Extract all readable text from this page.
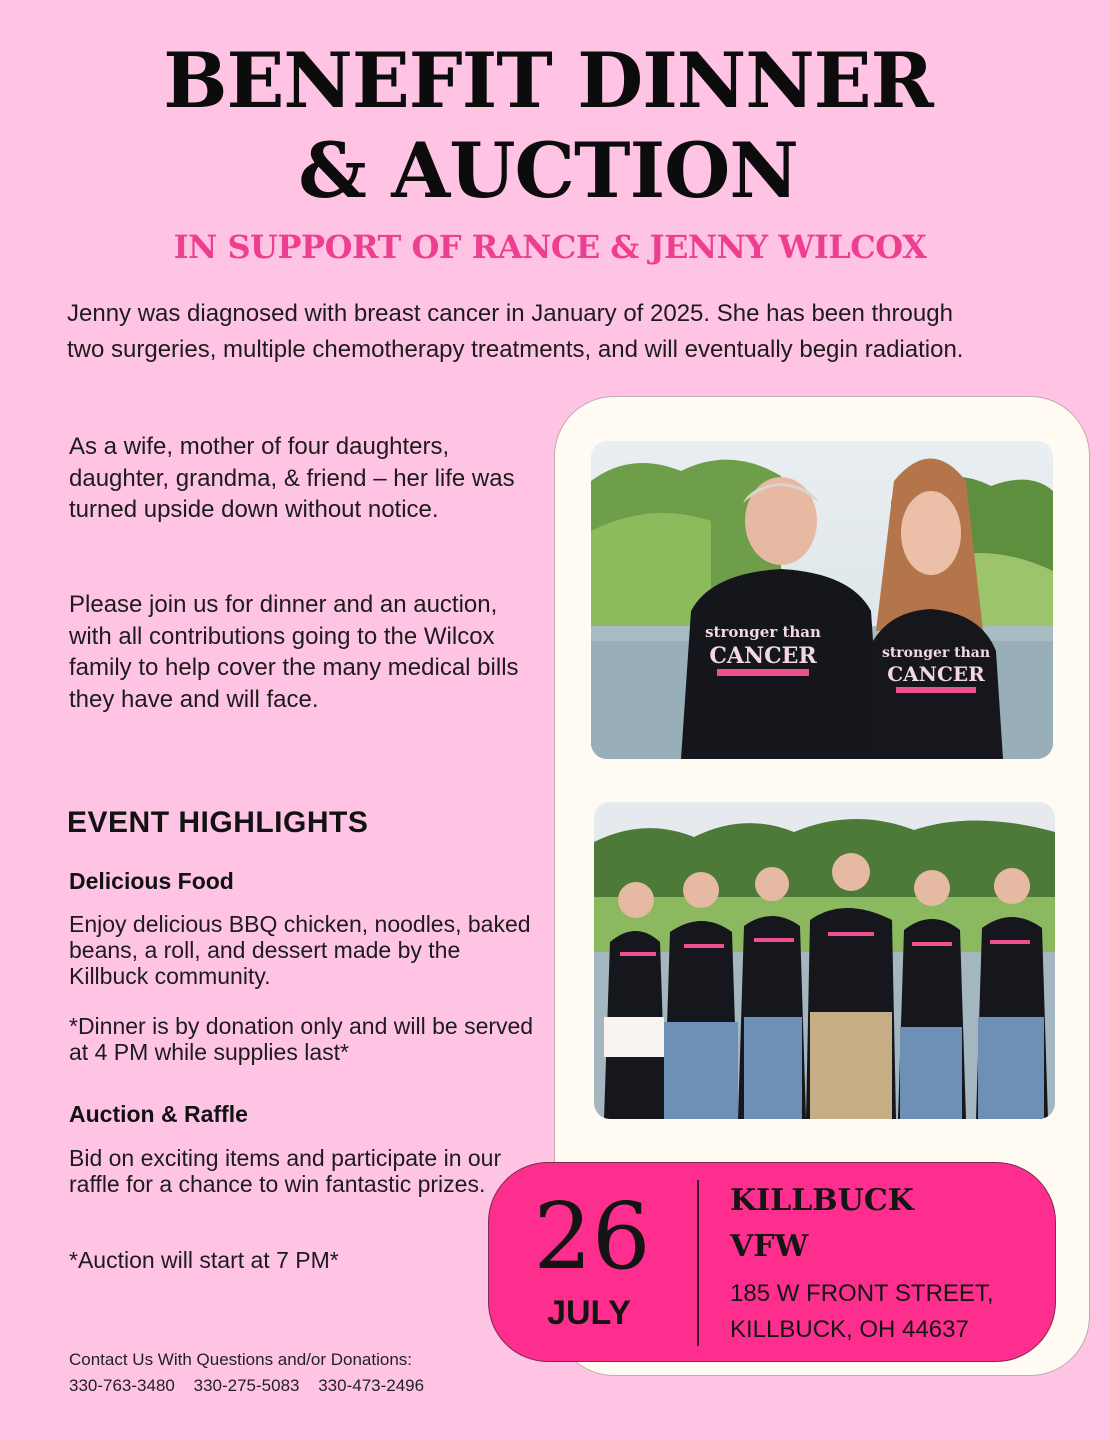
BENEFIT DINNER
& AUCTION
IN SUPPORT OF RANCE & JENNY WILCOX

Jenny was diagnosed with breast cancer in January of 2025. She has been through two surgeries, multiple chemotherapy treatments, and will eventually begin radiation.

As a wife, mother of four daughters, daughter, grandma, & friend – her life was turned upside down without notice.

Please join us for dinner and an auction, with all contributions going to the Wilcox family to help cover the many medical bills they have and will face.

stronger than
CANCER	stronger than
CANCER
EVENT HIGHLIGHTS
Delicious Food

Enjoy delicious BBQ chicken, noodles, baked beans, a roll, and dessert made by the Killbuck community.

*Dinner is by donation only and will be served at 4 PM while supplies last*

Auction & Raffle

Bid on exciting items and participate in our raffle for a chance to win fantastic prizes.

*Auction will start at 7 PM*	26
JULY
KILLBUCK
VFW
185 W FRONT STREET,
KILLBUCK, OH 44637

Contact Us With Questions and/or Donations:

330-763-3480 330-275-5083 330-473-2496
